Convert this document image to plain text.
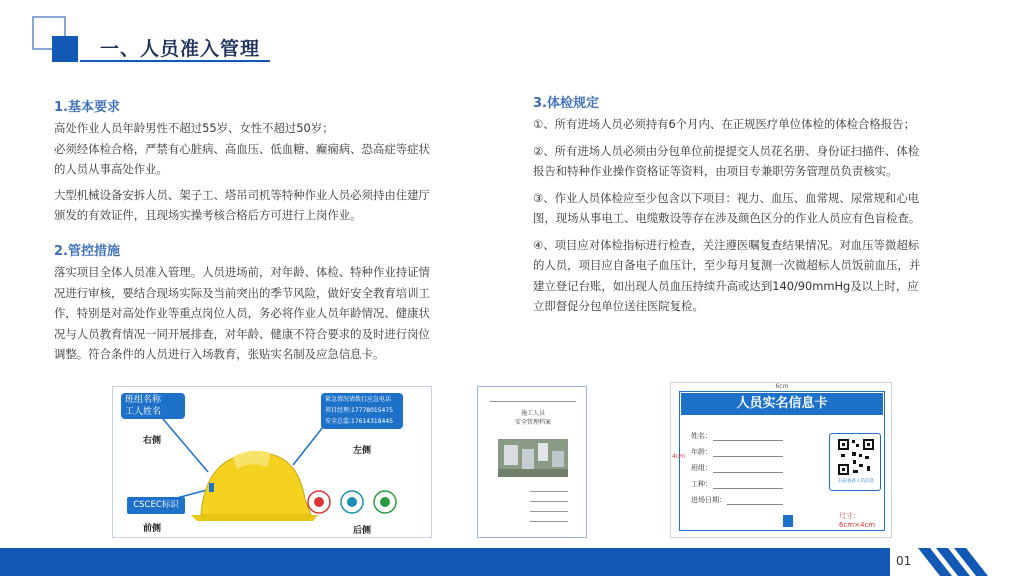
一、人员准入管理
1.基本要求
高处作业人员年龄男性不超过55岁、女性不超过50岁；
必须经体检合格，严禁有心脏病、高血压、低血糖、癫痫病、恐高症等症状
的人员从事高处作业。
大型机械设备安拆人员、架子工、塔吊司机等特种作业人员必须持由住建厅
颁发的有效证件，且现场实操考核合格后方可进行上岗作业。
2.管控措施
落实项目全体人员准入管理。人员进场前，对年龄、体检、特种作业持证情
况进行审核，要结合现场实际及当前突出的季节风险，做好安全教育培训工
作，特别是对高处作业等重点岗位人员，务必将作业人员年龄情况、健康状
况与人员教育情况一同开展排查，对年龄、健康不符合要求的及时进行岗位
调整。符合条件的人员进行入场教育，张贴实名制及应急信息卡。
3.体检规定
①、所有进场人员必须持有6个月内、在正规医疗单位体检的体检合格报告；
②、所有进场人员必须由分包单位前提提交人员花名册、身份证扫描件、体检
报告和特种作业操作资格证等资料，由项目专兼职劳务管理员负责核实。
③、作业人员体检应至少包含以下项目：视力、血压、血常规、尿常规和心电
图，现场从事电工、电缆敷设等存在涉及颜色区分的作业人员应有色盲检查。
④、项目应对体检指标进行检查，关注遵医嘱复查结果情况。对血压等微超标
的人员，项目应自备电子血压计，至少每月复测一次微超标人员饭前血压，并
建立登记台账，如出现人员血压持续升高或达到140/90mmHg及以上时，应
立即督促分包单位送往医院复检。
班组名称
工人姓名
右侧
紧急情况请拨打应急电话
项目经理:17778015475
安全总监:17614318445
左侧
CSCEC标识
前侧	后侧
施工人员
安全管理档案
6cm
人员实名信息卡
4cm
姓名：
年龄：
班组：
工种：
进场日期：
扫码查看人员信息
尺寸：6cm×4cm
01
